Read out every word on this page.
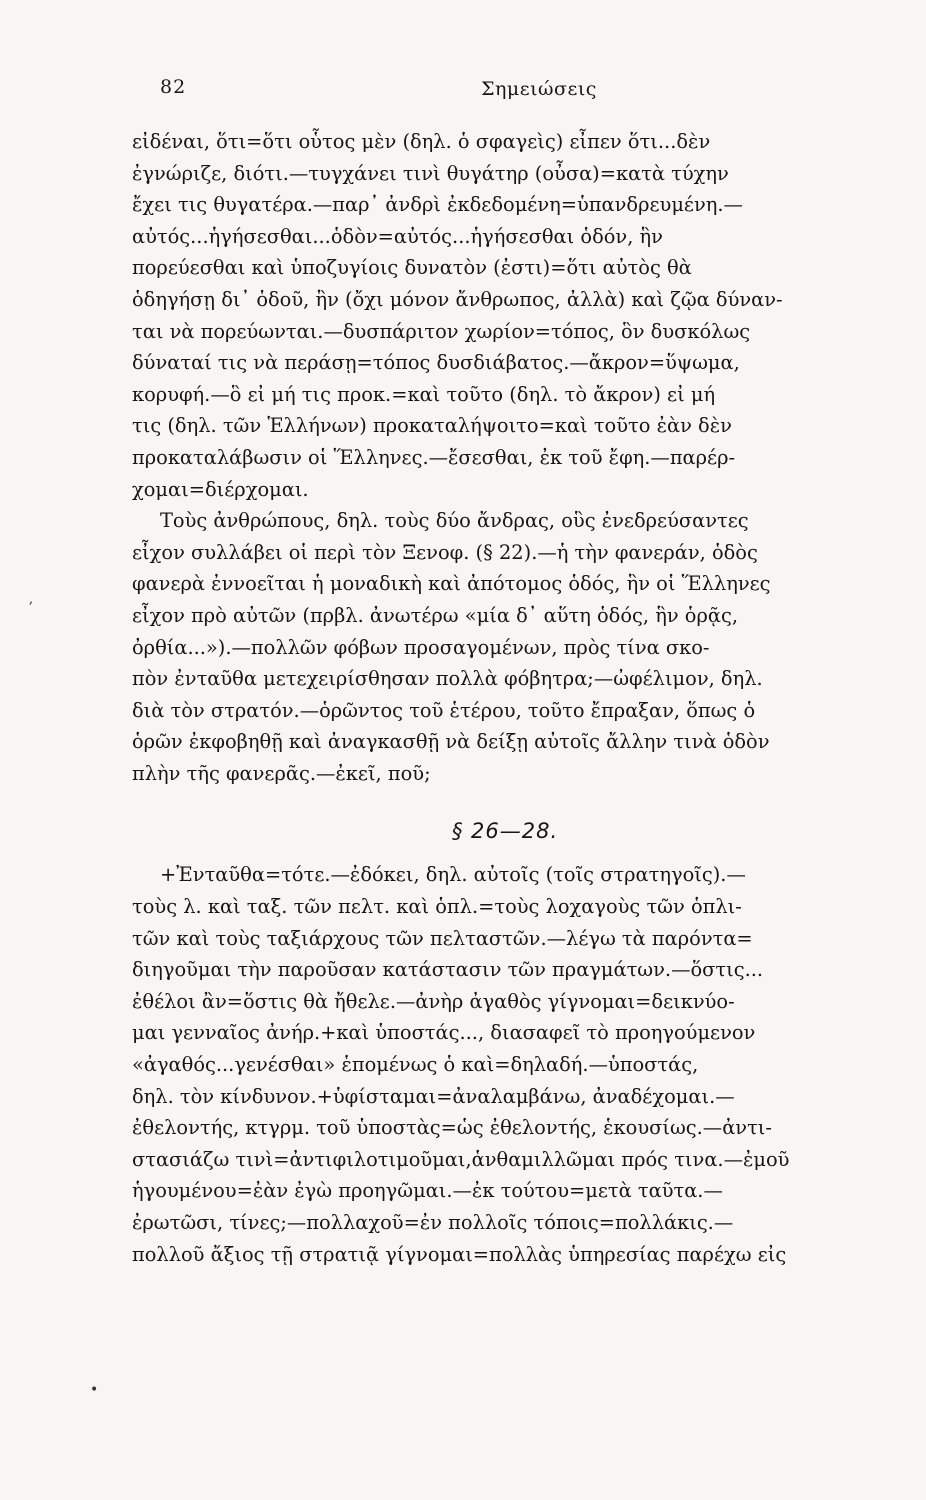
82	Σημειώσεις

εἰδέναι, ὅτι=ὅτι οὗτος μὲν (δηλ. ὁ σφαγεὶς) εἶπεν ὅτι...δὲν
ἐγνώριζε, διότι.—τυγχάνει τινὶ θυγάτηρ (οὖσα)=κατὰ τύχην
ἔχει τις θυγατέρα.—παρ᾿ ἀνδρὶ ἐκδεδομένη=ὑπανδρευμένη.—
αὐτός...ἡγήσεσθαι...ὁδὸν=αὐτός...ἡγήσεσθαι ὁδόν, ἣν
πορεύεσθαι καὶ ὑποζυγίοις δυνατὸν (ἐστι)=ὅτι αὐτὸς θὰ
ὁδηγήσῃ δι᾿ ὁδοῦ, ἣν (ὄχι μόνον ἄνθρωπος, ἀλλὰ) καὶ ζῷα δύναν-
ται νὰ πορεύωνται.—δυσπάριτον χωρίον=τόπος, ὃν δυσκόλως
δύναταί τις νὰ περάσῃ=τόπος δυσδιάβατος.—ἄκρον=ὕψωμα,
κορυφή.—ὃ εἰ μή τις προκ.=καὶ τοῦτο (δηλ. τὸ ἄκρον) εἰ μή
τις (δηλ. τῶν Ἑλλήνων) προκαταλήψοιτο=καὶ τοῦτο ἐὰν δὲν
προκαταλάβωσιν οἱ Ἕλληνες.—ἔσεσθαι, ἐκ τοῦ ἔφη.—παρέρ-
χομαι=διέρχομαι.

Τοὺς ἀνθρώπους, δηλ. τοὺς δύο ἄνδρας, οὓς ἐνεδρεύσαντες
εἶχον συλλάβει οἱ περὶ τὸν Ξενοφ. (§ 22).—ἡ τὴν φανεράν, ὁδὸς
φανερὰ ἐννοεῖται ἡ μοναδικὴ καὶ ἀπότομος ὁδός, ἣν οἱ Ἕλληνες
εἶχον πρὸ αὐτῶν (πρβλ. ἀνωτέρω «μία δ᾿ αὕτη ὁδός, ἣν ὁρᾷς,
ὀρθία...»).—πολλῶν φόβων προσαγομένων, πρὸς τίνα σκο-
πὸν ἐνταῦθα μετεχειρίσθησαν πολλὰ φόβητρα;—ὠφέλιμον, δηλ.
διὰ τὸν στρατόν.—ὁρῶντος τοῦ ἑτέρου, τοῦτο ἔπραξαν, ὅπως ὁ
ὁρῶν ἐκφοβηθῇ καὶ ἀναγκασθῇ νὰ δείξῃ αὐτοῖς ἄλλην τινὰ ὁδὸν
πλὴν τῆς φανερᾶς.—ἐκεῖ, ποῦ;

§ 26—28.

+Ἐνταῦθα=τότε.—ἐδόκει, δηλ. αὐτοῖς (τοῖς στρατηγοῖς).—
τοὺς λ. καὶ ταξ. τῶν πελτ. καὶ ὁπλ.=τοὺς λοχαγοὺς τῶν ὁπλι-
τῶν καὶ τοὺς ταξιάρχους τῶν πελταστῶν.—λέγω τὰ παρόντα=
διηγοῦμαι τὴν παροῦσαν κατάστασιν τῶν πραγμάτων.—ὅστις...
ἐθέλοι ἂν=ὅστις θὰ ἤθελε.—ἀνὴρ ἀγαθὸς γίγνομαι=δεικνύο-
μαι γενναῖος ἀνήρ.+καὶ ὑποστάς..., διασαφεῖ τὸ προηγούμενον
«ἀγαθός...γενέσθαι» ἑπομένως ὁ καὶ=δηλαδή.—ὑποστάς,
δηλ. τὸν κίνδυνον.+ὑφίσταμαι=ἀναλαμβάνω, ἀναδέχομαι.—
ἐθελοντής, κτγρμ. τοῦ ὑποστὰς=ὡς ἐθελοντής, ἑκουσίως.—ἀντι-
στασιάζω τινὶ=ἀντιφιλοτιμοῦμαι,ἁνθαμιλλῶμαι πρός τινα.—ἐμοῦ
ἡγουμένου=ἐὰν ἐγὼ προηγῶμαι.—ἐκ τούτου=μετὰ ταῦτα.—
ἐρωτῶσι, τίνες;—πολλαχοῦ=ἐν πολλοῖς τόποις=πολλάκις.—
πολλοῦ ἄξιος τῇ στρατιᾷ γίγνομαι=πολλὰς ὑπηρεσίας παρέχω εἰς

ʼ
•
